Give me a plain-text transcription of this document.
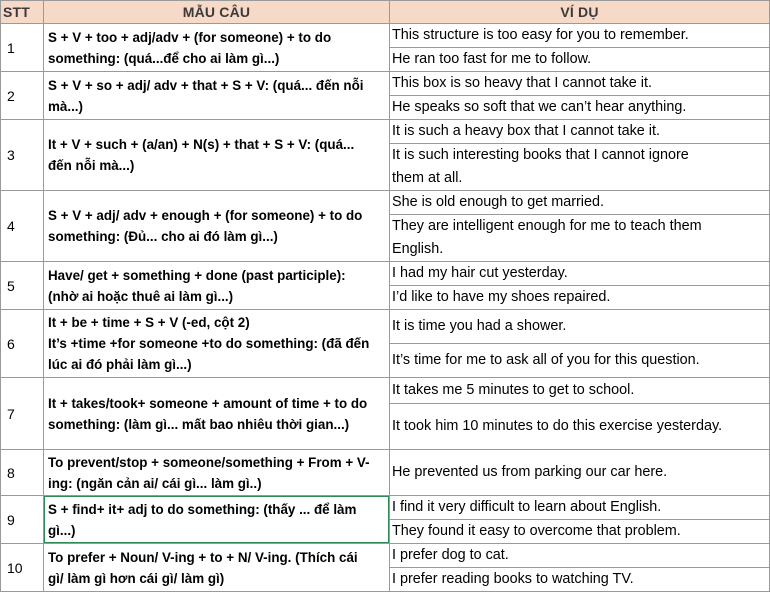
STT	MẪU CÂU	VÍ DỤ
1	S + V + too + adj/adv + (for someone) + to do
something: (quá...để cho ai làm gì...)	This structure is too easy for you to remember.

		He ran too fast for me to follow.

2	S + V + so + adj/ adv + that + S + V: (quá... đến nỗi
mà...)	This box is so heavy that I cannot take it.

		He speaks so soft that we can’t hear anything.

3	It + V + such + (a/an) + N(s) + that + S + V: (quá...
đến nỗi mà...)	It is such a heavy box that I cannot take it.

		It is such interesting books that I cannot ignore
them at all.

4	S + V + adj/ adv + enough + (for someone) + to do
something: (Đủ... cho ai đó làm gì...)	She is old enough to get married.

		They are intelligent enough for me to teach them
English.

5	Have/ get + something + done (past participle):
(nhờ ai hoặc thuê ai làm gì...)	I had my hair cut yesterday.

		I’d like to have my shoes repaired.

6	It + be + time + S + V (-ed, cột 2)
It’s +time +for someone +to do something: (đã đến
lúc ai đó phải làm gì...)	It is time you had a shower.

		It’s time for me to ask all of you for this question.

7	It + takes/took+ someone + amount of time + to do
something: (làm gì... mất bao nhiêu thời gian...)	It takes me 5 minutes to get to school.

		It took him 10 minutes to do this exercise yesterday.

8	To prevent/stop + someone/something + From + V-
ing: (ngăn cản ai/ cái gì... làm gì..)	He prevented us from parking our car here.

9	S + find+ it+ adj to do something: (thấy ... để làm
gì...)	I find it very difficult to learn about English.

		They found it easy to overcome that problem.

10	To prefer + Noun/ V-ing + to + N/ V-ing. (Thích cái
gì/ làm gì hơn cái gì/ làm gì)	I prefer dog to cat.

		I prefer reading books to watching TV.
